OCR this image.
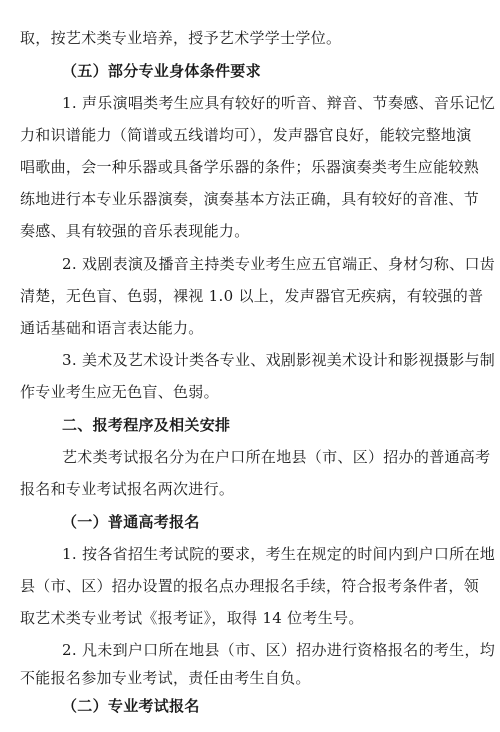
取，按艺术类专业培养，授予艺术学学士学位。
（五）部分专业身体条件要求
1. 声乐演唱类考生应具有较好的听音、辩音、节奏感、音乐记忆
力和识谱能力（简谱或五线谱均可），发声器官良好，能较完整地演
唱歌曲，会一种乐器或具备学乐器的条件；乐器演奏类考生应能较熟
练地进行本专业乐器演奏，演奏基本方法正确，具有较好的音准、节
奏感、具有较强的音乐表现能力。
2. 戏剧表演及播音主持类专业考生应五官端正、身材匀称、口齿
清楚，无色盲、色弱，裸视 1.0 以上，发声器官无疾病，有较强的普
通话基础和语言表达能力。
3. 美术及艺术设计类各专业、戏剧影视美术设计和影视摄影与制
作专业考生应无色盲、色弱。
二、报考程序及相关安排
艺术类考试报名分为在户口所在地县（市、区）招办的普通高考
报名和专业考试报名两次进行。
（一）普通高考报名
1. 按各省招生考试院的要求，考生在规定的时间内到户口所在地
县（市、区）招办设置的报名点办理报名手续，符合报考条件者，领
取艺术类专业考试《报考证》，取得 14 位考生号。
2. 凡未到户口所在地县（市、区）招办进行资格报名的考生，均
不能报名参加专业考试，责任由考生自负。
（二）专业考试报名
